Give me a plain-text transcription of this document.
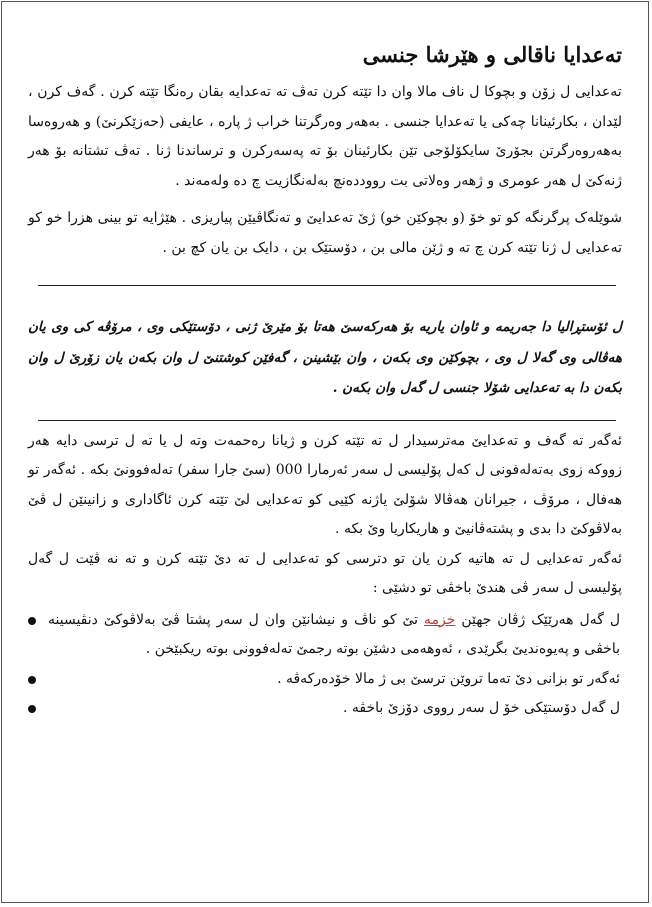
تەعدایا ناقالی و هێرشا جنسی

تەعدایی ل زۆن و بچوکا ل ناف مالا وان دا تێتە کرن تەڤ تە تەعدایە بقان رەنگا تێتە کرن . گەف کرن ، لێدان ، بکارئینانا چەکی یا تەعدایا جنسی . بەهەر وەرگرتنا خراب ژ پارە ، عایفی (حەزێکرنێ) و هەروەسا بەهەروەرگرتن بجۆرێ سایکۆلۆجی تێن بکارئینان بۆ تە پەسەرکرن و ترساندنا ژنا . تەڤ تشتانە بۆ هەر ژنەکێ ل هەر عومری و ژهەر وەلاتی بت رووددەنچ بەلەنگازیت چ دە ولەمەند .

شوێلەک پرگرنگە کو تو خۆ (و بچوکێن خو) ژێ تەعدایێ و تەنگاڤیێن پیاریزی . هێژایە تو بینی هزرا خو کو تەعدایی ل ژنا تێتە کرن چ تە و ژێن مالی بن ، دۆستێک بن ، دایک بن یان کچ بن .

ل ئۆستڕالیا دا جەریمە و ئاوان یاریە بۆ هەرکەسێ هەتا بۆ مێرێ ژنی ، دۆستێکی وی ، مرۆڤە کی وی یان هەڤالی وی گەلا ل وی ، بچوکێن وی بکەن ، وان بێشینن ، گەفێن کوشتنێ ل وان بکەن یان زۆرێ ل وان بکەن دا بە تەعدایی شۆلا جنسی ل گەل وان بکەن .

ئەگەر تە گەف و تەعدایێ مەترسیدار ل تە تێتە کرن و ژیانا رەحمەت وتە ل یا تە ل ترسی دایە هەر زووکە زوی بەتەلەفونی ل کەل پۆلیسی ل سەر ئەرمارا 000 (سێ جارا سفر) تەلەفوونێ بکە . ئەگەر تو هەفال ، مرۆڤ ، جیرانان هەڤالا شۆلێ یاژنە کێیی کو تەعدایی لێ تێتە کرن ئاگاداری و زانینێن ل ڤێ بەلاڤوکێ دا بدی و پشتەڤانیێ و هاریکاریا وێ بکە .

ئەگەر تەعدایی ل تە هاتیە کرن یان تو دترسی کو تەعدایی ل تە دێ تێتە کرن و تە نە ڤێت ل گەل پۆلیسی ل سەر ڤی هندێ باخڤی تو دشێی :

ل گەل هەرێێک ژڤان جهێن خزمە تێ کو ناڤ و نیشانێن وان ل سەر پشتا ڤێ بەلاڤوکێ دنڤیسینە باخڤی و پەیوەندیێ بگرێدی ، ئەوهەمی دشێن بوتە رجمێ تەلەفوونی بوتە ریکبێخن .
ئەگەر تو بزانی دێ تەما تروێن ترسێ بی ژ مالا خۆدەرکەڤە .
ل گەل دۆستێکی خۆ ل سەر رووی دۆزێ باخڤە .
